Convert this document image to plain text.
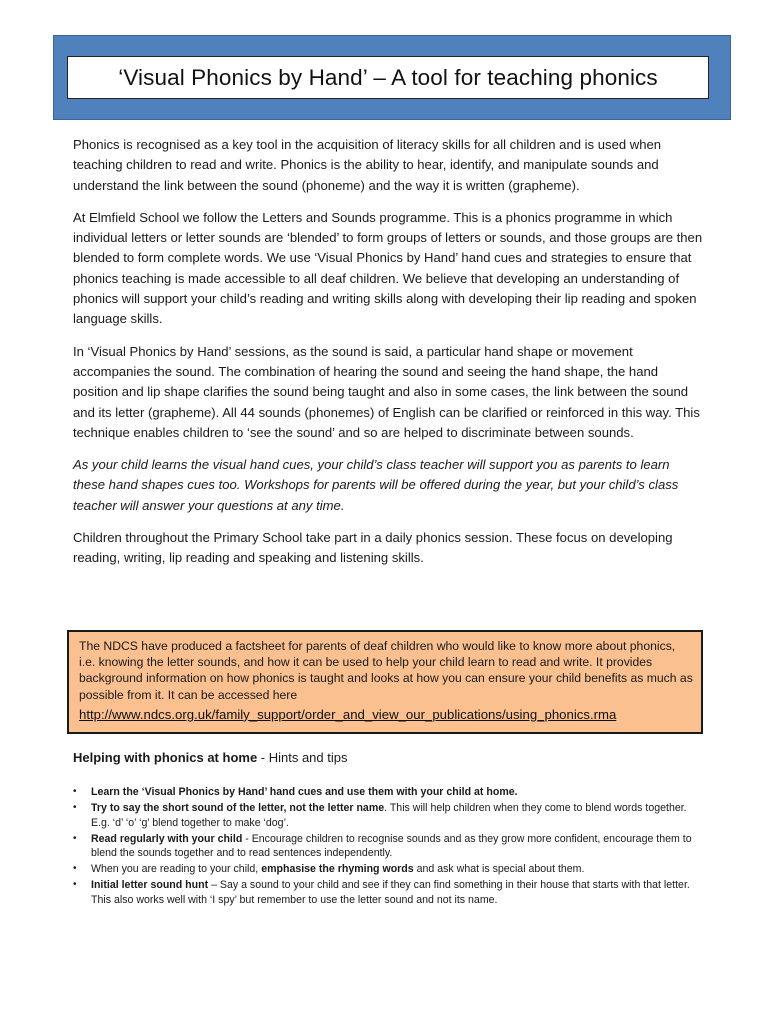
‘Visual Phonics by Hand’ – A tool for teaching phonics

Phonics is recognised as a key tool in the acquisition of literacy skills for all children and is used when teaching children to read and write. Phonics is the ability to hear, identify, and manipulate sounds and understand the link between the sound (phoneme) and the way it is written (grapheme).

At Elmfield School we follow the Letters and Sounds programme. This is a phonics programme in which individual letters or letter sounds are ‘blended’ to form groups of letters or sounds, and those groups are then blended to form complete words. We use ‘Visual Phonics by Hand’ hand cues and strategies to ensure that phonics teaching is made accessible to all deaf children. We believe that developing an understanding of phonics will support your child’s reading and writing skills along with developing their lip reading and spoken language skills.

In ‘Visual Phonics by Hand’ sessions, as the sound is said, a particular hand shape or movement accompanies the sound. The combination of hearing the sound and seeing the hand shape, the hand position and lip shape clarifies the sound being taught and also in some cases, the link between the sound and its letter (grapheme). All 44 sounds (phonemes) of English can be clarified or reinforced in this way. This technique enables children to ‘see the sound’ and so are helped to discriminate between sounds.

As your child learns the visual hand cues, your child’s class teacher will support you as parents to learn these hand shapes cues too. Workshops for parents will be offered during the year, but your child’s class teacher will answer your questions at any time.

Children throughout the Primary School take part in a daily phonics session. These focus on developing reading, writing, lip reading and speaking and listening skills.

The NDCS have produced a factsheet for parents of deaf children who would like to know more about phonics, i.e. knowing the letter sounds, and how it can be used to help your child learn to read and write. It provides background information on how phonics is taught and looks at how you can ensure your child benefits as much as possible from it. It can be accessed here

http://www.ndcs.org.uk/family_support/order_and_view_our_publications/using_phonics.rma

Helping with phonics at home - Hints and tips

• Learn the ‘Visual Phonics by Hand’ hand cues and use them with your child at home.
• Try to say the short sound of the letter, not the letter name. This will help children when they come to blend words together. E.g. ‘d’ ‘o’ ‘g’ blend together to make ‘dog’.
• Read regularly with your child - Encourage children to recognise sounds and as they grow more confident, encourage them to blend the sounds together and to read sentences independently.
• When you are reading to your child, emphasise the rhyming words and ask what is special about them.
• Initial letter sound hunt – Say a sound to your child and see if they can find something in their house that starts with that letter. This also works well with ‘I spy’ but remember to use the letter sound and not its name.
